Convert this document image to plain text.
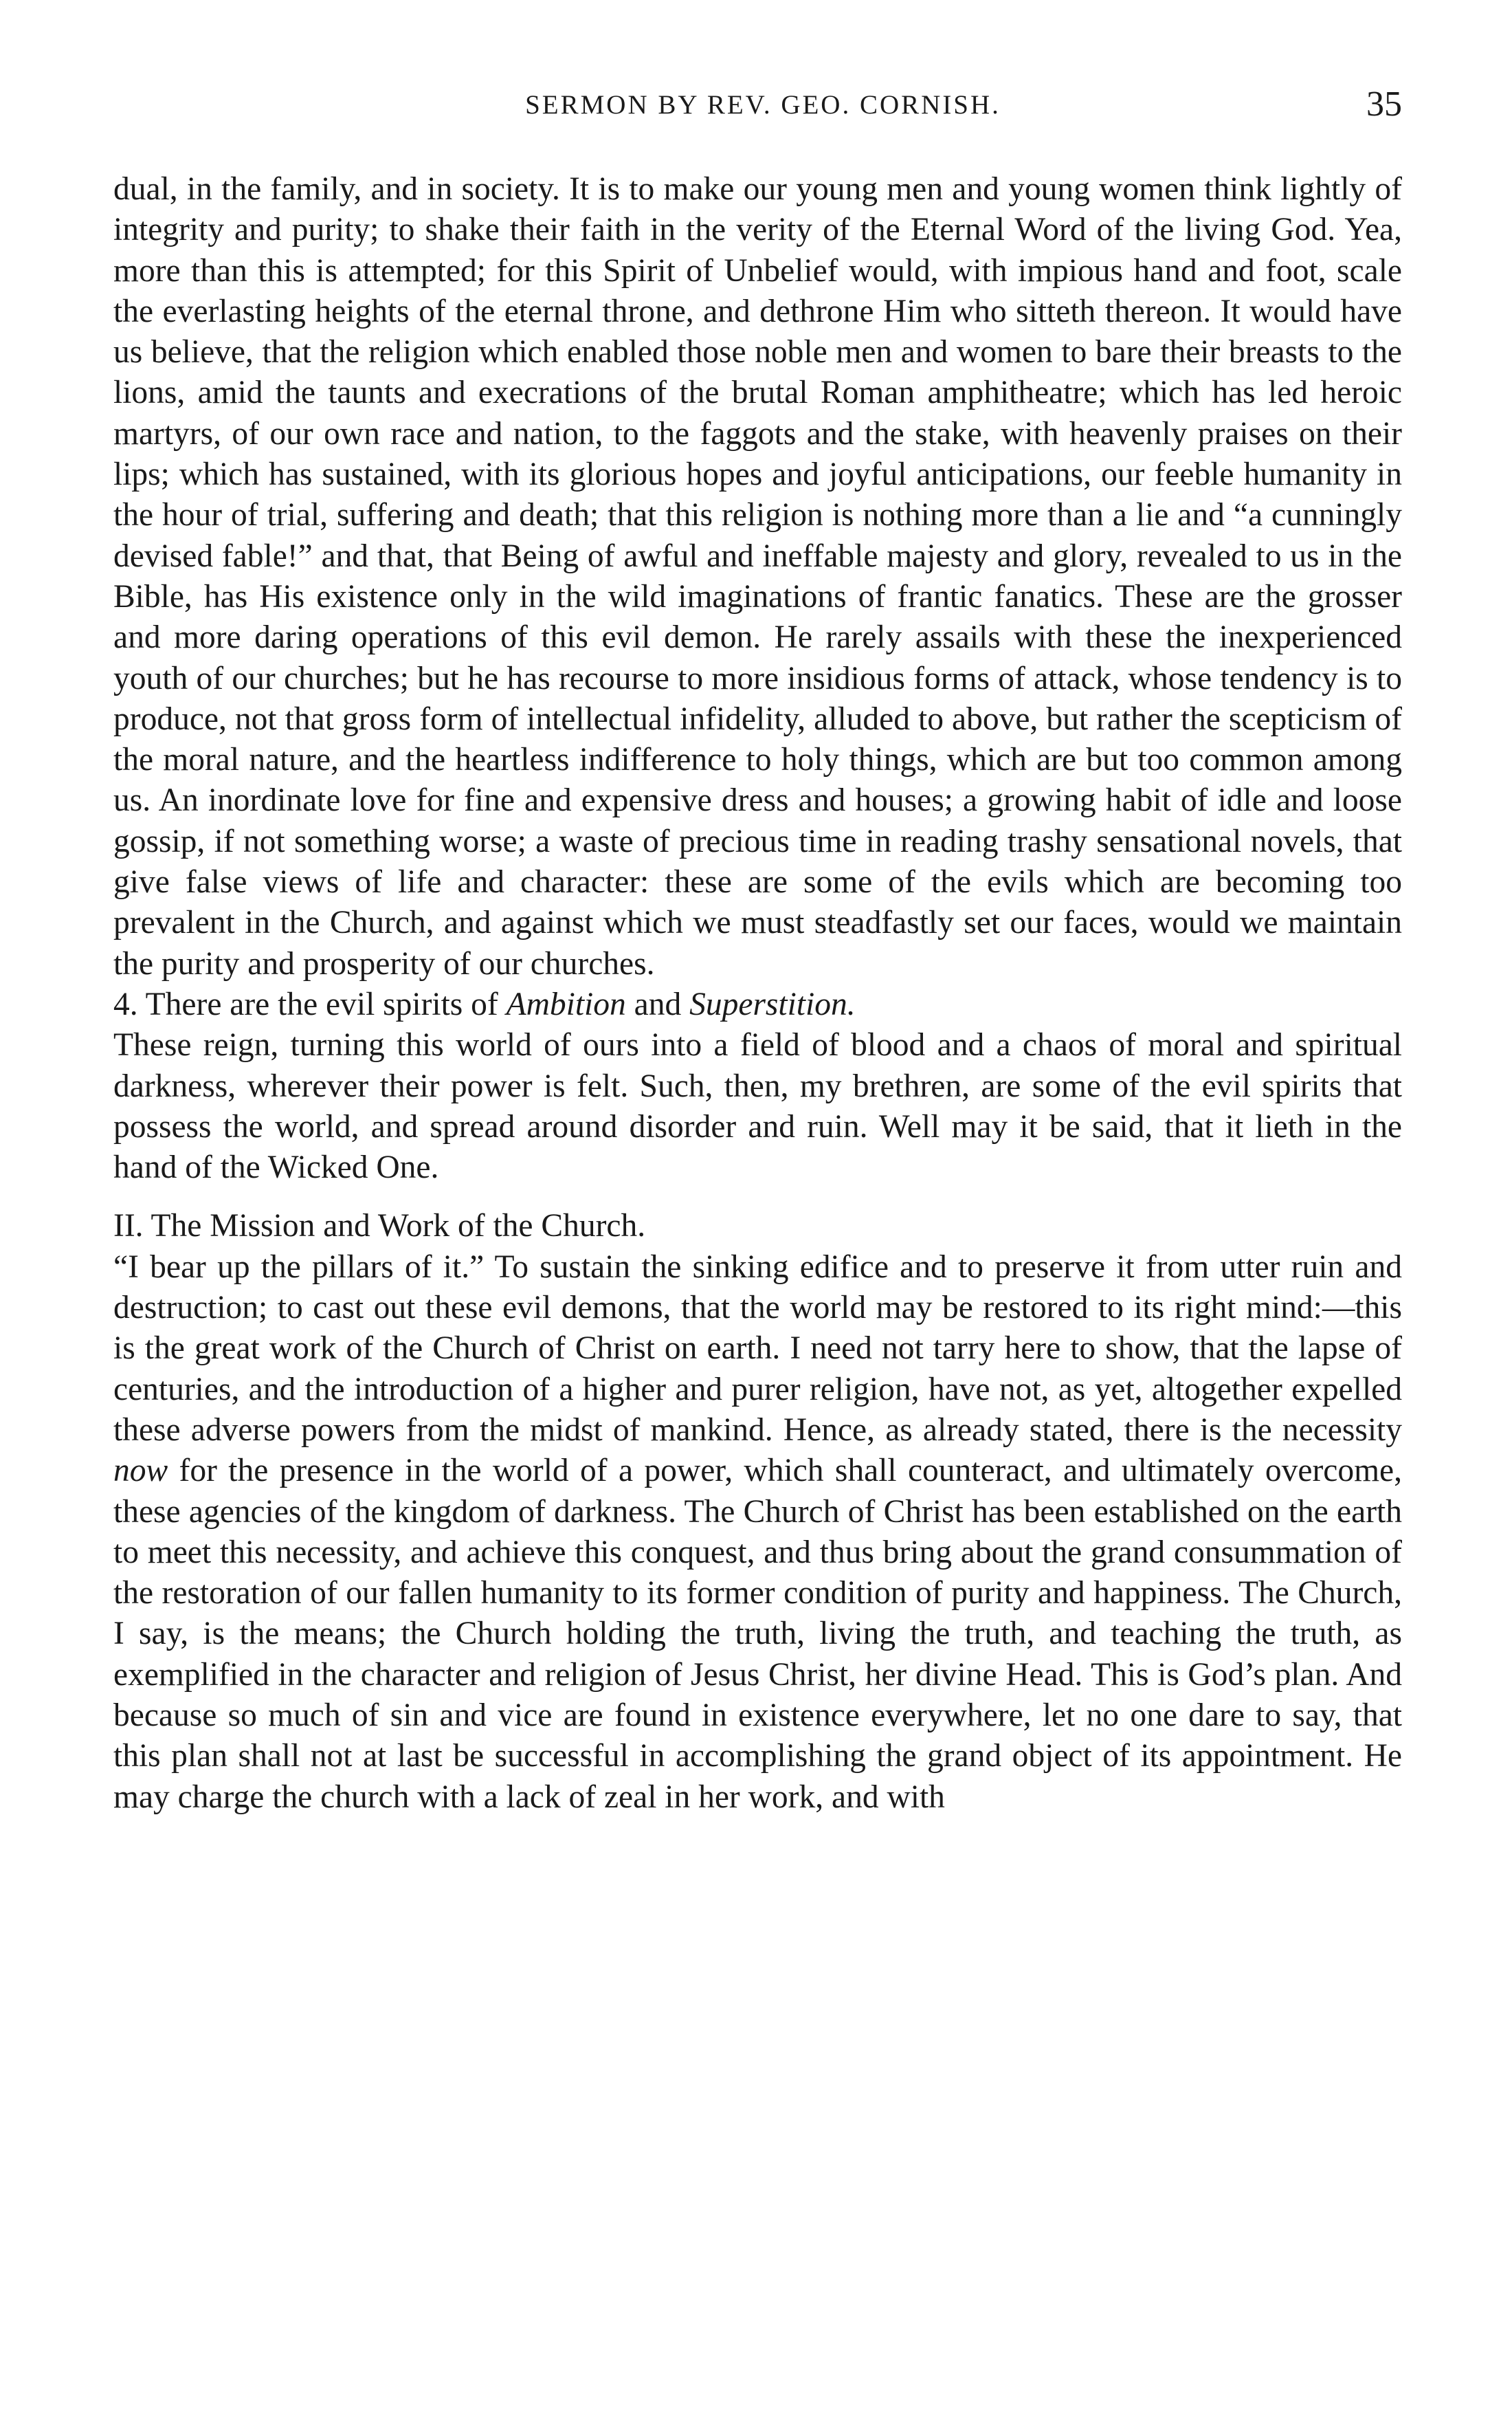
SERMON BY REV. GEO. CORNISH.	35

dual, in the family, and in society. It is to make our young men and young women think lightly of integrity and purity; to shake their faith in the verity of the Eternal Word of the living God. Yea, more than this is attempted; for this Spirit of Unbelief would, with impious hand and foot, scale the everlasting heights of the eternal throne, and dethrone Him who sitteth thereon. It would have us believe, that the religion which enabled those noble men and women to bare their breasts to the lions, amid the taunts and execrations of the brutal Roman amphitheatre; which has led heroic martyrs, of our own race and nation, to the faggots and the stake, with heavenly praises on their lips; which has sustained, with its glorious hopes and joyful anticipations, our feeble humanity in the hour of trial, suffering and death; that this religion is nothing more than a lie and “a cunningly devised fable!” and that, that Being of awful and ineffable majesty and glory, revealed to us in the Bible, has His existence only in the wild imaginations of frantic fanatics. These are the grosser and more daring operations of this evil demon. He rarely assails with these the inexperienced youth of our churches; but he has recourse to more insidious forms of attack, whose tendency is to produce, not that gross form of intellectual infidelity, alluded to above, but rather the scepticism of the moral nature, and the heartless indifference to holy things, which are but too common among us. An inordinate love for fine and expensive dress and houses; a growing habit of idle and loose gossip, if not something worse; a waste of precious time in reading trashy sensational novels, that give false views of life and character: these are some of the evils which are becoming too prevalent in the Church, and against which we must steadfastly set our faces, would we maintain the purity and prosperity of our churches.

4. There are the evil spirits of Ambition and Superstition.

These reign, turning this world of ours into a field of blood and a chaos of moral and spiritual darkness, wherever their power is felt. Such, then, my brethren, are some of the evil spirits that possess the world, and spread around disorder and ruin. Well may it be said, that it lieth in the hand of the Wicked One.

II. The Mission and Work of the Church.

“I bear up the pillars of it.” To sustain the sinking edifice and to preserve it from utter ruin and destruction; to cast out these evil demons, that the world may be restored to its right mind:—this is the great work of the Church of Christ on earth. I need not tarry here to show, that the lapse of centuries, and the introduction of a higher and purer religion, have not, as yet, altogether expelled these adverse powers from the midst of mankind. Hence, as already stated, there is the necessity now for the presence in the world of a power, which shall counteract, and ultimately overcome, these agencies of the kingdom of darkness. The Church of Christ has been established on the earth to meet this necessity, and achieve this conquest, and thus bring about the grand consummation of the restoration of our fallen humanity to its former condition of purity and happiness. The Church, I say, is the means; the Church holding the truth, living the truth, and teaching the truth, as exemplified in the character and religion of Jesus Christ, her divine Head. This is God’s plan. And because so much of sin and vice are found in existence everywhere, let no one dare to say, that this plan shall not at last be successful in accomplishing the grand object of its appointment. He may charge the church with a lack of zeal in her work, and with
